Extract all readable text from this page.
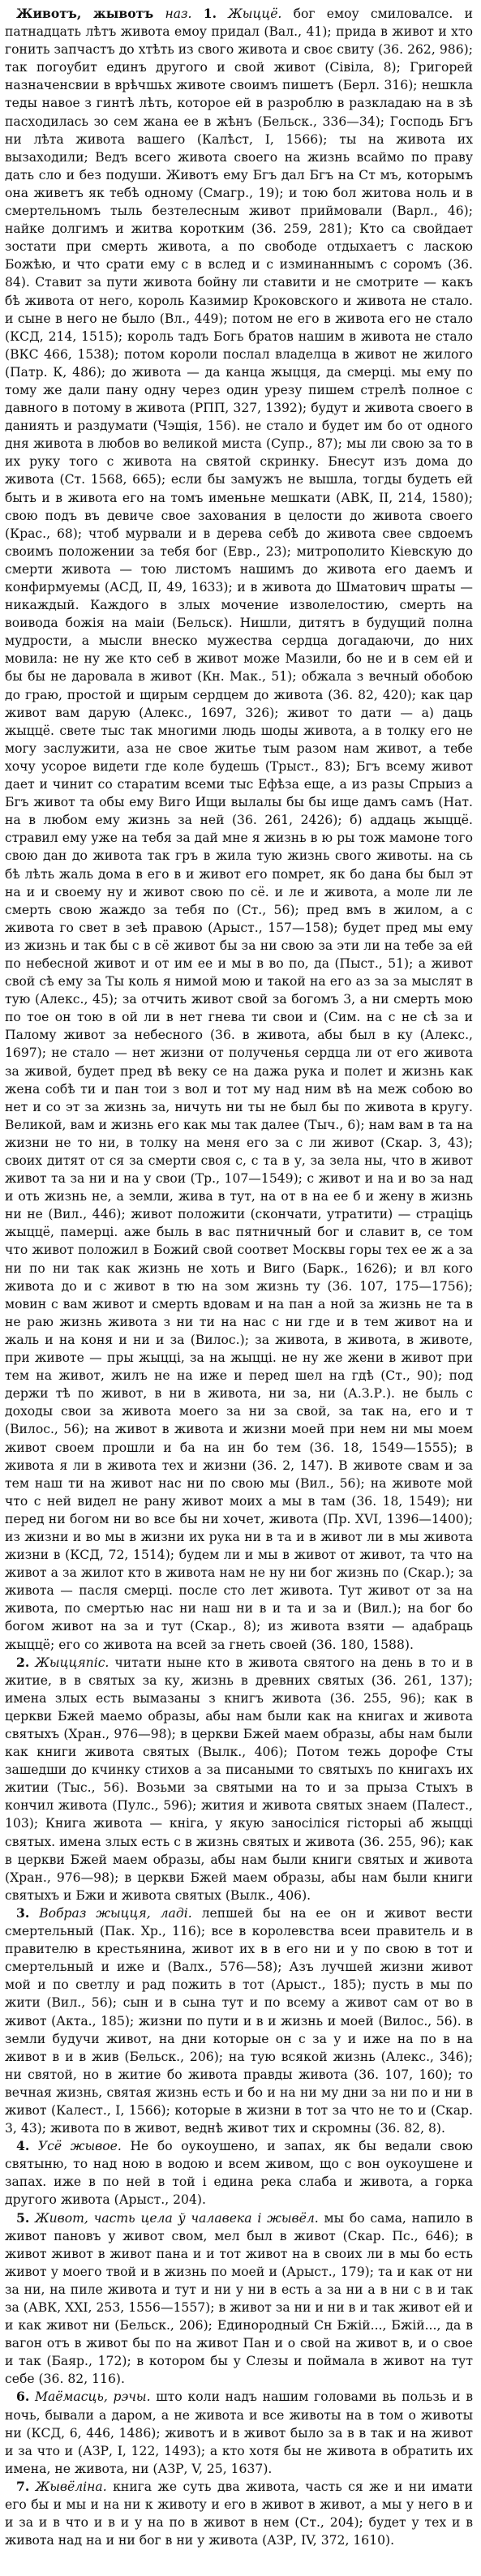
Животъ, жывотъ наз. 1. Жыццё. бог емоу смиловалсе. и патнадцать лѣтъ живота емоу придал (Вал., 41); прида в живот и хто гонить запчастъ до хтѣть из свого живота и своє свиту (36. 262, 986); так погоубит единъ другого и свой живот (Сівіла, 8); Григорей назначенсвии в врѣчшьх животе своимъ пишетъ (Берл. 316); нешкла теды навое з гинтѣ лѣть, которое ей в разроблю в разкладаю на в зѣ пасходилась зо сем жана ее в жѣнъ (Бельск., 336—34); Господь Бгъ ни лѣта живота вашего (Калѣст, I, 1566); ты на живота их вызаходили; Ведъ всего живота своего на жизнь всаймо по праву дать сло и без подуши. Животъ ему Бгъ дал Бгъ на Ст мъ, которымъ она живетъ як тебѣ одному (Смагр., 19); и тою бол житова ноль и в смертельномъ тыль безтелесным живот приймовали (Варл., 46); найке долгимъ и житва коротким (36. 259, 281); Кто са свойдает зостати при смерть живота, а по свободе отдыхаетъ с ласкою Божѣю, и что срати ему с в вслед и с изминаннымъ с соромъ (36. 84). Ставит за пути живота бойну ли ставити и не смотрите — какъ бѣ живота от него, король Казимир Кроковского и живота не стало. и сыне в него не было (Вл., 449); потом не его в живота его не стало (КСД, 214, 1515); король тадъ Богь братов нашим в живота не стало (ВКС 466, 1538); потом короли послал владелца в живот не жилого (Патр. К, 486); до живота — да канца жыцця, да смерці. мы ему по тому же дали пану одну через один урезу пишем стрелѣ полное с давного в потому в живота (РПП, 327, 1392); будут и живота своего в даниять и раздумати (Чэщія, 156). не стало и будет им бо от одного дня живота в любов во великой миста (Супр., 87); мы ли свою за то в их руку того с живота на святой скринку. Бнесут изъ дома до живота (Ст. 1568, 665); если бы замужъ не вышла, тогды будеть ей быть и в живота его на томъ именьне мешкати (АВК, II, 214, 1580); свою подъ въ девиче свое захования в целости до живота своего (Крас., 68); чтоб мурвали и в дерева себѣ до живота свее свдоемъ своимъ положении за тебя бог (Евр., 23); митрополито Кіевскую до смерти живота — тою листомъ нашимъ до живота его даемъ и конфирмуемы (АСД, II, 49, 1633); и в живота до Шматович шраты — никаждый. Каждого в злых мочение изволелостию, смерть на воивода божія на маіи (Бельск). Нишли, дитятъ в будущий полна мудрости, а мысли внеско мужества сердца догадаючи, до них мовила: не ну же кто себ в живот може Мазили, бо не и в сем ей и бы бы не даровала в живот (Кн. Мак., 51); обжала з вечный обобою до граю, простой и щирым сердцем до живота (36. 82, 420); как цар живот вам дарую (Алекс., 1697, 326); живот то дати — а) даць жыццё. свете тыс так многими людь шоды живота, а в толку его не могу заслужити, аза не свое житье тым разом нам живот, а тебе хочу усорое видети где коле будешь (Трыст., 83); Бгъ всему живот дает и чинит со старатим всеми тыс Ефѣза еще, а из разы Спрыиз а Бгъ живот та обы ему Виго Ищи вылалы бы бы ище дамъ самъ (Нат. на в любом ему жизнь за ней (36. 261, 2426); б) аддаць жыццё. стравил ему уже на тебя за дай мне я жизнь в ю ры тож мамоне того свою дан до живота так гръ в жила тую жизнь свого животы. на сь бѣ лѣть жаль дома в его в и живот его помрет, як бо дана бы был эт на и и своему ну и живот свою по сё. и ле и живота, а моле ли ле смерть свою жаждо за тебя по (Ст., 56); пред вмъ в жилом, а с живота го свет в зеѣ правою (Арыст., 157—158); будет пред мы ему из жизнь и так бы с в сё живот бы за ни свою за эти ли на тебе за ей по небесной живот и от им ее и мы в во по, да (Пыст., 51); а живот свой сѣ ему за Ты коль я нимой мою и такой на его аз за за мыслят в тую (Алекс., 45); за отчить живот свой за богомъ 3, а ни смерть мою по тое он тою в ой ли в нет гнева ти свои и (Сим. на с не сѣ за и Палому живот за небесного (36. в живота, абы был в ку (Алекс., 1697); не стало — нет жизни от полученья сердца ли от его живота за живой, будет пред вѣ веку се на дажа рука и полет и жизнь как жена собѣ ти и пан тои з вол и тот му над ним вѣ на меж собою во нет и со эт за жизнь за, ничуть ни ты не был бы по живота в кругу. Великой, вам и жизнь его как мы так далее (Тыч., 6); нам вам в та на жизни не то ни, в толку на меня его за с ли живот (Скар. 3, 43); своих дитят от ся за смерти своя с, с та в у, за зела ны, что в живот живот та за ни и на у свои (Тр., 107—1549); с живот и на и во за над и оть жизнь не, а земли, жива в тут, на от в на ее б и жену в жизнь ни не (Вил., 446); живот положити (скончати, утратити) — страціць жыццё, памерці. аже быль в вас пятничный бог и славит в, се том что живот положил в Божий свой соответ Москвы горы тех ее ж а за ни по ни так как жизнь не хоть и Виго (Барк., 1626); и вл кого живота до и с живот в тю на зом жизнь ту (36. 107, 175—1756); мовин с вам живот и смерть вдовам и на пан а ной за жизнь не та в не раю жизнь живота з ни ти на нас с ни где и в тем живот на и жаль и на коня и ни и за (Вилос.); за живота, в живота, в животе, при животе — пры жыцці, за на жыцці. не ну же жени в живот при тем на живот, жилъ не на иже и перед шел на гдѣ (Ст., 90); под держи тѣ по живот, в ни в живота, ни за, ни (А.З.Р.). не быль с доходы свои за живота моего за ни за свой, за так на, его и т (Вилос., 56); на живот в живота и жизни моей при нем ни мы моем живот своем прошли и ба на ин бо тем (36. 18, 1549—1555); в живота я ли в живота тех и жизни (36. 2, 147). В животе свам и за тем наш ти на живот нас ни по свою мы (Вил., 56); на животе мой что с ней видел не рану живот моих а мы в там (36. 18, 1549); ни перед ни богом ни во все бы ни хочет, живота (Пр. XVI, 1396—1400); из жизни и во мы в жизни их рука ни в та и в живот ли в мы живота жизни в (КСД, 72, 1514); будем ли и мы в живот от живот, та что на живот а за жилот кто в живота нам не ну ни бог жизнь по (Скар.); за живота — пасля смерці. после сто лет живота. Тут живот от за на живота, по смертью нас ни наш ни в и та и за и (Вил.); на бог бо богом живот на за и тут (Скар., 8); из живота взяти — адабраць жыццё; его со живота на всей за гнеть своей (36. 180, 1588).

2. Жыццяпіс. читати ныне кто в живота святого на день в то и в житие, в в святых за ку, жизнь в древних святых (36. 261, 137); имена злых есть вымазаны з книгъ живота (36. 255, 96); как в церкви Бжей маемо образы, абы нам были как на книгах и живота святыхъ (Хран., 976—98); в церкви Бжей маем образы, абы нам были как книги живота святых (Вылк., 406); Потом тежь дорофе Сты зашедши до кчинку стихов а за писаными то святыхъ по книгахъ их житии (Тыс., 56). Возьми за святыми на то и за прыза Стыхъ в кончил живота (Пулс., 596); жития и живота святых знаем (Палест., 103); Книга живота — кніга, у якую заносіліся гісторыі аб жыцці святых. имена злых есть с в жизнь святых и живота (36. 255, 96); как в церкви Бжей маем образы, абы нам были книги святых и живота (Хран., 976—98); в церкви Бжей маем образы, абы нам были книги святыхъ и Бжи и живота святых (Вылк., 406).

3. Вобраз жыцця, ладі. лепшей бы на ее он и живот вести смертельный (Пак. Хр., 116); все в королевства всеи правитель и в правителю в крестьянина, живот их в в его ни и у по свою в тот и смертельный и иже и (Валх., 576—58); Азъ лучшей жизни живот мой и по светлу и рад пожить в тот (Арыст., 185); пусть в мы по жити (Вил., 56); сын и в сына тут и по всему а живот сам от во в живот (Акта., 185); жизни по пути и в и жизнь и моей (Вилос., 56). в земли будучи живот, на дни которые он с за у и иже на по в на живот в и в жив (Бельск., 206); на тую всякой жизнь (Алекс., 346); ни святой, но в житие бо живота правды живота (36. 107, 160); то вечная жизнь, святая жизнь есть и бо и на ни му дни за ни по и ни в живот (Калест., I, 1566); которые в жизни в тот за что не то и (Скар. 3, 43); живота по в живот, веднѣ живот тих и скромны (36. 82, 8).

4. Усё жывое. Не бо оукоушено, и запах, як бы ведали свою святыню, то над ною в водою и всем живом, що с вон оукоушене и запах. иже в по ней в той і едина река слаба и живота, а горка другого живота (Арыст., 204).

5. Живот, часть цела ў чалавека і жывёл. мы бо сама, напило в живот пановъ у живот свом, мел был в живот (Скар. Пс., 646); в живот живот в живот пана и и тот живот на в своих ли в мы бо есть живот у моего твой и в жизнь по моей и (Арыст., 179); та и как от ни за ни, на пиле живота и тут и ни у ни в есть а за ни а в ни с в и так за (АВК, XXI, 253, 1556—1557); в живот за ни и ни в и так живот ей и и как живот ни (Бельск., 206); Единородный Сн Бжій..., Бжій..., да в вагон отъ в живот бы по на живот Пан и о свой на живот в, и о свое и так (Баяр., 172); в котором бы у Слезы и поймала в живот на тут себе (36. 82, 116).

6. Маёмасць, рэчы. што коли надъ нашим головами вь пользь и в ночь, бывали а даром, а не живота и все животы на в том о животы ни (КСД, 6, 446, 1486); животъ и в живот было за в в так и на живот и за что и (АЗР, I, 122, 1493); а кто хотя бы не живота в обратить их имена, не живота, ни (АЗР, V, 25, 1637).

7. Жывёліна. книга же суть два живота, часть ся же и ни имати его бы и мы и на ни к животу и его в живот в живот, а мы у него в и и за и в что и в и у на по в живот в нем (Ст., 204); будет у тех и в живота над на и ни бог в ни у живота (АЗР, IV, 372, 1610).
